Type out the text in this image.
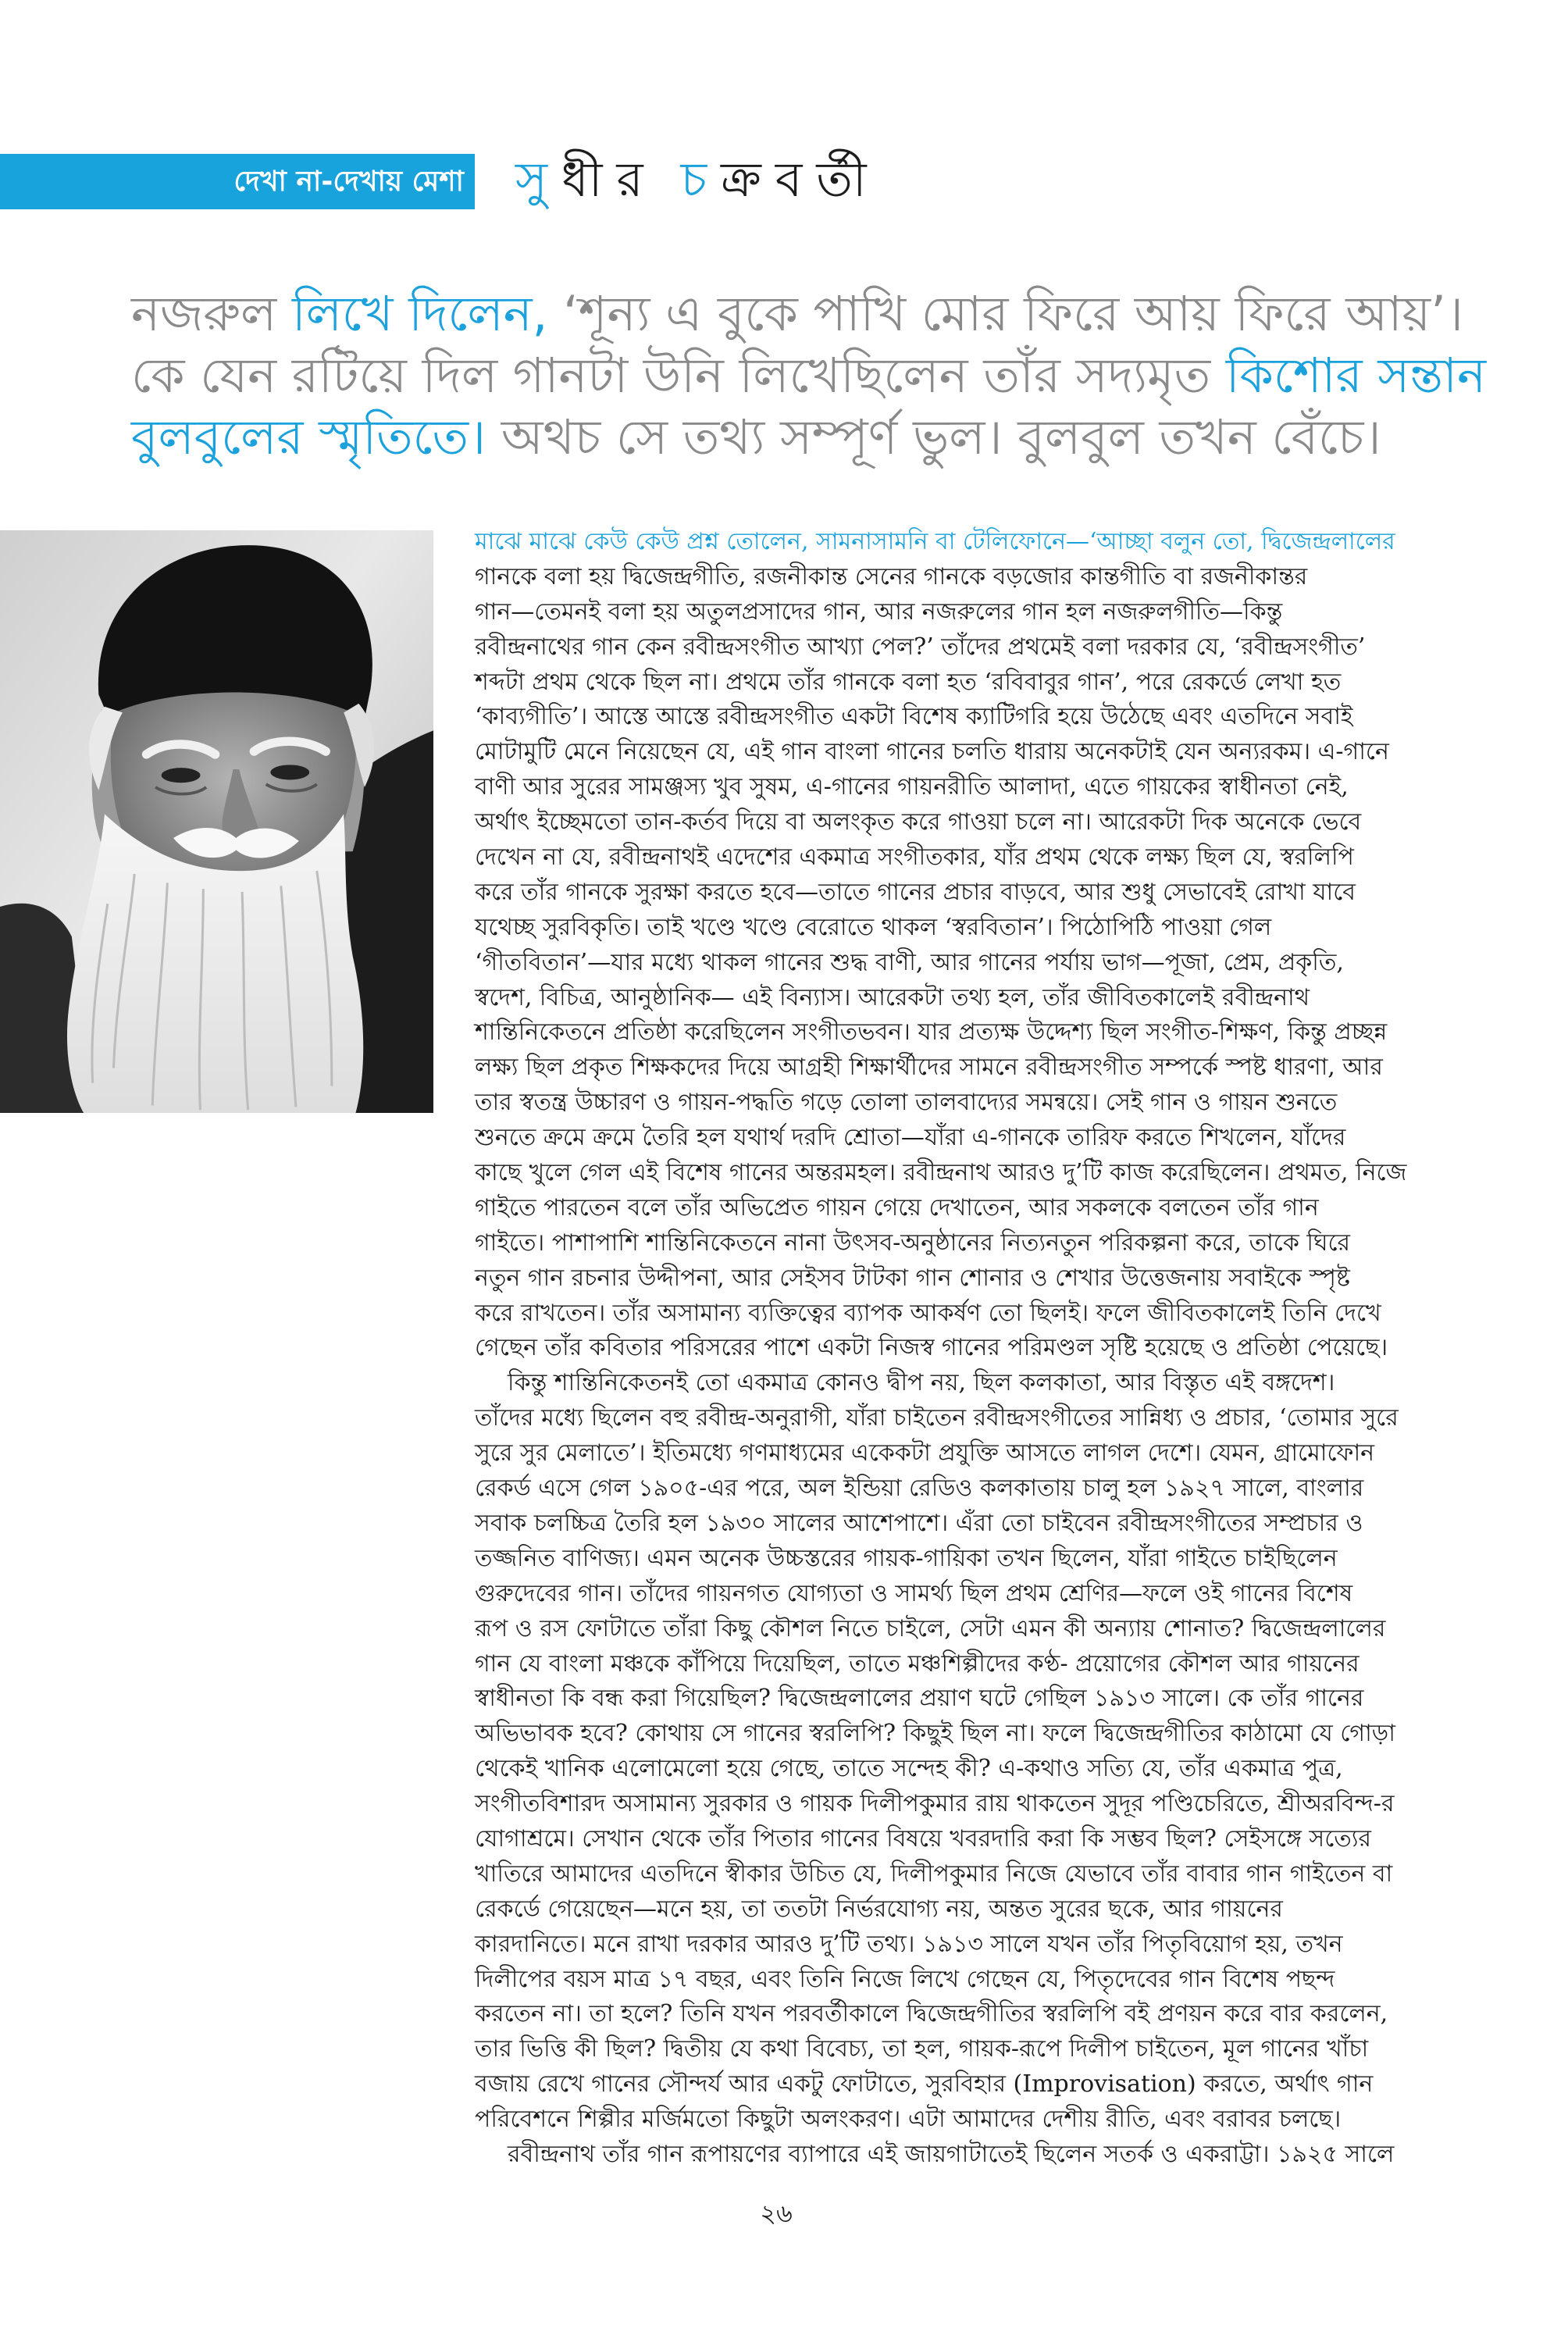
দেখা না-দেখায় মেশা সু ধী র চ ক্র ব র্তী
নজরুল লিখে দিলেন, ‘শূন্য এ বুকে পাখি মোর ফিরে আয় ফিরে আয়’।
কে যেন রটিয়ে দিল গানটা উনি লিখেছিলেন তাঁর সদ্যমৃত কিশোর সন্তান
বুলবুলের স্মৃতিতে। অথচ সে তথ্য সম্পূর্ণ ভুল। বুলবুল তখন বেঁচে।
মাঝে মাঝে কেউ কেউ প্রশ্ন তোলেন, সামনাসামনি বা টেলিফোনে—‘আচ্ছা বলুন তো, দ্বিজেন্দ্রলালের
গানকে বলা হয় দ্বিজেন্দ্রগীতি, রজনীকান্ত সেনের গানকে বড়জোর কান্তগীতি বা রজনীকান্তর
গান—তেমনই বলা হয় অতুলপ্রসাদের গান, আর নজরুলের গান হল নজরুলগীতি—কিন্তু
রবীন্দ্রনাথের গান কেন রবীন্দ্রসংগীত আখ্যা পেল?’ তাঁদের প্রথমেই বলা দরকার যে, ‘রবীন্দ্রসংগীত’
শব্দটা প্রথম থেকে ছিল না। প্রথমে তাঁর গানকে বলা হত ‘রবিবাবুর গান’, পরে রেকর্ডে লেখা হত
‘কাব্যগীতি’। আস্তে আস্তে রবীন্দ্রসংগীত একটা বিশেষ ক্যাটিগরি হয়ে উঠেছে এবং এতদিনে সবাই
মোটামুটি মেনে নিয়েছেন যে, এই গান বাংলা গানের চলতি ধারায় অনেকটাই যেন অন্যরকম। এ-গানে
বাণী আর সুরের সামঞ্জস্য খুব সুষম, এ-গানের গায়নরীতি আলাদা, এতে গায়কের স্বাধীনতা নেই,
অর্থাৎ ইচ্ছেমতো তান-কর্তব দিয়ে বা অলংকৃত করে গাওয়া চলে না। আরেকটা দিক অনেকে ভেবে
দেখেন না যে, রবীন্দ্রনাথই এদেশের একমাত্র সংগীতকার, যাঁর প্রথম থেকে লক্ষ্য ছিল যে, স্বরলিপি
করে তাঁর গানকে সুরক্ষা করতে হবে—তাতে গানের প্রচার বাড়বে, আর শুধু সেভাবেই রোখা যাবে
যথেচ্ছ সুরবিকৃতি। তাই খণ্ডে খণ্ডে বেরোতে থাকল ‘স্বরবিতান’। পিঠোপিঠি পাওয়া গেল
‘গীতবিতান’—যার মধ্যে থাকল গানের শুদ্ধ বাণী, আর গানের পর্যায় ভাগ—পূজা, প্রেম, প্রকৃতি,
স্বদেশ, বিচিত্র, আনুষ্ঠানিক— এই বিন্যাস। আরেকটা তথ্য হল, তাঁর জীবিতকালেই রবীন্দ্রনাথ
শান্তিনিকেতনে প্রতিষ্ঠা করেছিলেন সংগীতভবন। যার প্রত্যক্ষ উদ্দেশ্য ছিল সংগীত-শিক্ষণ, কিন্তু প্রচ্ছন্ন
লক্ষ্য ছিল প্রকৃত শিক্ষকদের দিয়ে আগ্রহী শিক্ষার্থীদের সামনে রবীন্দ্রসংগীত সম্পর্কে স্পষ্ট ধারণা, আর
তার স্বতন্ত্র উচ্চারণ ও গায়ন-পদ্ধতি গড়ে তোলা তালবাদ্যের সমন্বয়ে। সেই গান ও গায়ন শুনতে
শুনতে ক্রমে ক্রমে তৈরি হল যথার্থ দরদি শ্রোতা—যাঁরা এ-গানকে তারিফ করতে শিখলেন, যাঁদের
কাছে খুলে গেল এই বিশেষ গানের অন্তরমহল। রবীন্দ্রনাথ আরও দু’টি কাজ করেছিলেন। প্রথমত, নিজে
গাইতে পারতেন বলে তাঁর অভিপ্রেত গায়ন গেয়ে দেখাতেন, আর সকলকে বলতেন তাঁর গান
গাইতে। পাশাপাশি শান্তিনিকেতনে নানা উৎসব-অনুষ্ঠানের নিত্যনতুন পরিকল্পনা করে, তাকে ঘিরে
নতুন গান রচনার উদ্দীপনা, আর সেইসব টাটকা গান শোনার ও শেখার উত্তেজনায় সবাইকে স্পৃষ্ট
করে রাখতেন। তাঁর অসামান্য ব্যক্তিত্বের ব্যাপক আকর্ষণ তো ছিলই। ফলে জীবিতকালেই তিনি দেখে
গেছেন তাঁর কবিতার পরিসরের পাশে একটা নিজস্ব গানের পরিমণ্ডল সৃষ্টি হয়েছে ও প্রতিষ্ঠা পেয়েছে।
কিন্তু শান্তিনিকেতনই তো একমাত্র কোনও দ্বীপ নয়, ছিল কলকাতা, আর বিস্তৃত এই বঙ্গদেশ।
তাঁদের মধ্যে ছিলেন বহু রবীন্দ্র-অনুরাগী, যাঁরা চাইতেন রবীন্দ্রসংগীতের সান্নিধ্য ও প্রচার, ‘তোমার সুরে
সুরে সুর মেলাতে’। ইতিমধ্যে গণমাধ্যমের একেকটা প্রযুক্তি আসতে লাগল দেশে। যেমন, গ্রামোফোন
রেকর্ড এসে গেল ১৯০৫-এর পরে, অল ইন্ডিয়া রেডিও কলকাতায় চালু হল ১৯২৭ সালে, বাংলার
সবাক চলচ্চিত্র তৈরি হল ১৯৩০ সালের আশেপাশে। এঁরা তো চাইবেন রবীন্দ্রসংগীতের সম্প্রচার ও
তজ্জনিত বাণিজ্য। এমন অনেক উচ্চস্তরের গায়ক-গায়িকা তখন ছিলেন, যাঁরা গাইতে চাইছিলেন
গুরুদেবের গান। তাঁদের গায়নগত যোগ্যতা ও সামর্থ্য ছিল প্রথম শ্রেণির—ফলে ওই গানের বিশেষ
রূপ ও রস ফোটাতে তাঁরা কিছু কৌশল নিতে চাইলে, সেটা এমন কী অন্যায় শোনাত? দ্বিজেন্দ্রলালের
গান যে বাংলা মঞ্চকে কাঁপিয়ে দিয়েছিল, তাতে মঞ্চশিল্পীদের কণ্ঠ- প্রয়োগের কৌশল আর গায়নের
স্বাধীনতা কি বন্ধ করা গিয়েছিল? দ্বিজেন্দ্রলালের প্রয়াণ ঘটে গেছিল ১৯১৩ সালে। কে তাঁর গানের
অভিভাবক হবে? কোথায় সে গানের স্বরলিপি? কিছুই ছিল না। ফলে দ্বিজেন্দ্রগীতির কাঠামো যে গোড়া
থেকেই খানিক এলোমেলো হয়ে গেছে, তাতে সন্দেহ কী? এ-কথাও সত্যি যে, তাঁর একমাত্র পুত্র,
সংগীতবিশারদ অসামান্য সুরকার ও গায়ক দিলীপকুমার রায় থাকতেন সুদূর পণ্ডিচেরিতে, শ্রীঅরবিন্দ-র
যোগাশ্রমে। সেখান থেকে তাঁর পিতার গানের বিষয়ে খবরদারি করা কি সম্ভব ছিল? সেইসঙ্গে সত্যের
খাতিরে আমাদের এতদিনে স্বীকার উচিত যে, দিলীপকুমার নিজে যেভাবে তাঁর বাবার গান গাইতেন বা
রেকর্ডে গেয়েছেন—মনে হয়, তা ততটা নির্ভরযোগ্য নয়, অন্তত সুরের ছকে, আর গায়নের
কারদানিতে। মনে রাখা দরকার আরও দু’টি তথ্য। ১৯১৩ সালে যখন তাঁর পিতৃবিয়োগ হয়, তখন
দিলীপের বয়স মাত্র ১৭ বছর, এবং তিনি নিজে লিখে গেছেন যে, পিতৃদেবের গান বিশেষ পছন্দ
করতেন না। তা হলে? তিনি যখন পরবর্তীকালে দ্বিজেন্দ্রগীতির স্বরলিপি বই প্রণয়ন করে বার করলেন,
তার ভিত্তি কী ছিল? দ্বিতীয় যে কথা বিবেচ্য, তা হল, গায়ক-রূপে দিলীপ চাইতেন, মূল গানের খাঁচা
বজায় রেখে গানের সৌন্দর্য আর একটু ফোটাতে, সুরবিহার (Improvisation) করতে, অর্থাৎ গান
পরিবেশনে শিল্পীর মর্জিমতো কিছুটা অলংকরণ। এটা আমাদের দেশীয় রীতি, এবং বরাবর চলছে।
রবীন্দ্রনাথ তাঁর গান রূপায়ণের ব্যাপারে এই জায়গাটাতেই ছিলেন সতর্ক ও একরাট্টা। ১৯২৫ সালে
২৬
